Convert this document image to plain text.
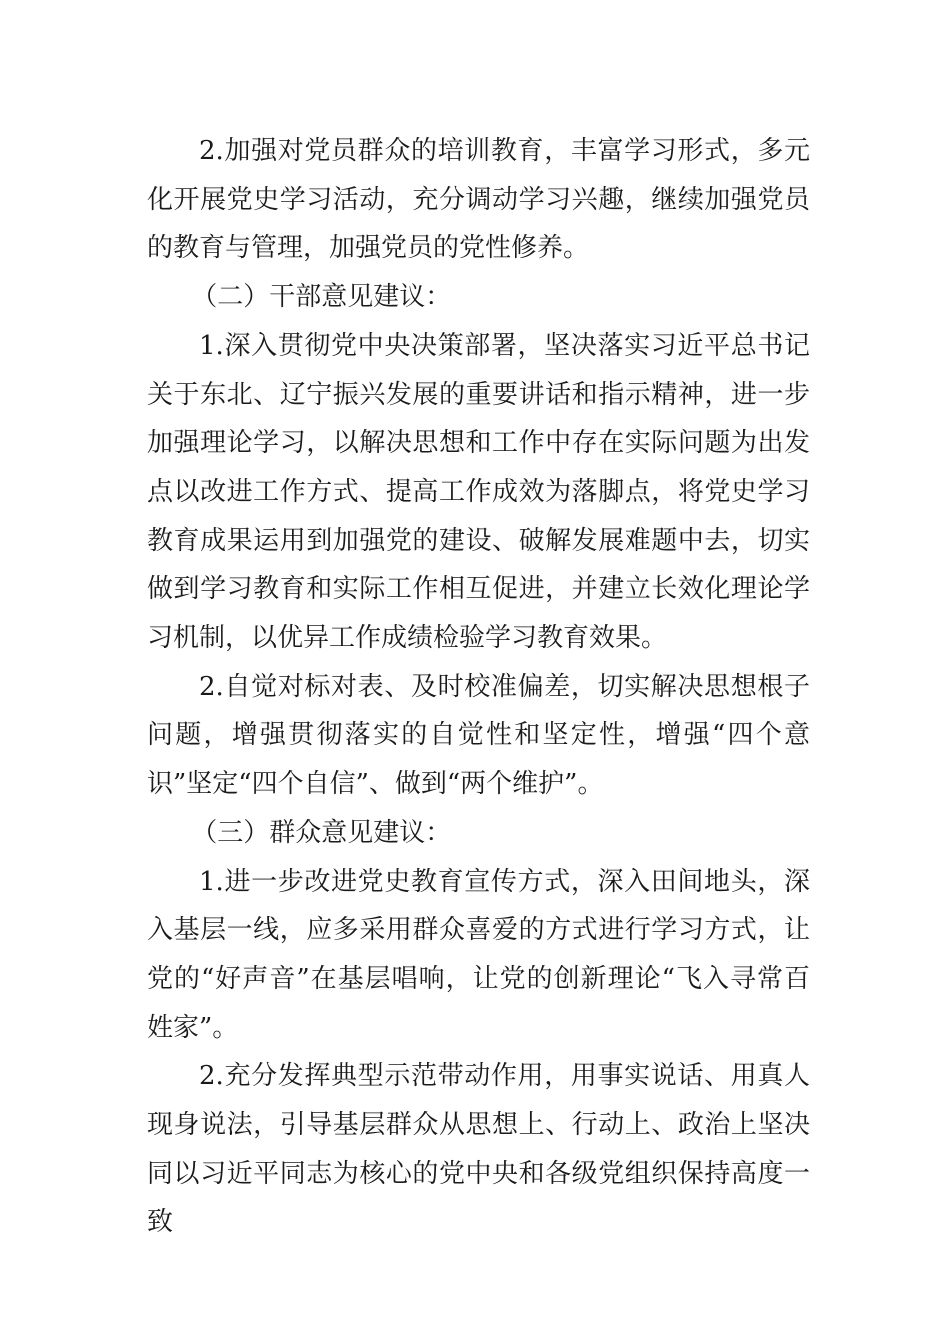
2.加强对党员群众的培训教育，丰富学习形式，多元化开展党史学习活动，充分调动学习兴趣，继续加强党员的教育与管理，加强党员的党性修养。

（二）干部意见建议：

1.深入贯彻党中央决策部署，坚决落实习近平总书记关于东北、辽宁振兴发展的重要讲话和指示精神，进一步加强理论学习，以解决思想和工作中存在实际问题为出发点以改进工作方式、提高工作成效为落脚点，将党史学习教育成果运用到加强党的建设、破解发展难题中去，切实做到学习教育和实际工作相互促进，并建立长效化理论学习机制，以优异工作成绩检验学习教育效果。

2.自觉对标对表、及时校准偏差，切实解决思想根子问题，增强贯彻落实的自觉性和坚定性，增强“四个意识”坚定“四个自信”、做到“两个维护”。

（三）群众意见建议：

1.进一步改进党史教育宣传方式，深入田间地头，深入基层一线，应多采用群众喜爱的方式进行学习方式，让党的“好声音”在基层唱响，让党的创新理论“飞入寻常百姓家”。

2.充分发挥典型示范带动作用，用事实说话、用真人现身说法，引导基层群众从思想上、行动上、政治上坚决同以习近平同志为核心的党中央和各级党组织保持高度一致
